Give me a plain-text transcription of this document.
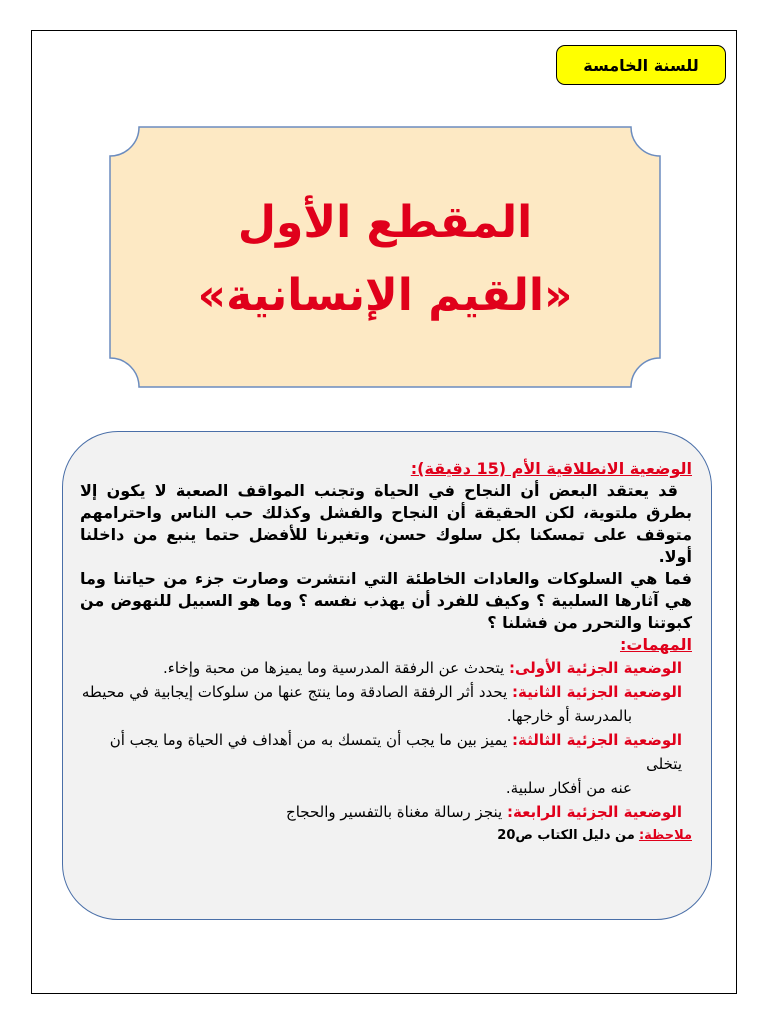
للسنة الخامسة
المقطع الأول
«القيم الإنسانية»
الوضعية الانطلاقية الأم (15 دقيقة):
قد يعتقد البعض أن النجاح في الحياة وتجنب المواقف الصعبة لا يكون إلا بطرق ملتوية، لكن الحقيقة أن النجاح والفشل وكذلك حب الناس واحترامهم متوقف على تمسكنا بكل سلوك حسن، وتغيرنا للأفضل حتما ينبع من داخلنا أولا.
فما هي السلوكات والعادات الخاطئة التي انتشرت وصارت جزء من حياتنا وما هي آثارها السلبية ؟ وكيف للفرد أن يهذب نفسه ؟ وما هو السبيل للنهوض من كبوتنا والتحرر من فشلنا ؟
المهمات:
الوضعية الجزئية الأولى: يتحدث عن الرفقة المدرسية وما يميزها من محبة وإخاء.
الوضعية الجزئية الثانية: يحدد أثر الرفقة الصادقة وما ينتج عنها من سلوكات إيجابية في محيطه
بالمدرسة أو خارجها.
الوضعية الجزئية الثالثة: يميز بين ما يجب أن يتمسك به من أهداف في الحياة وما يجب أن يتخلى
عنه من أفكار سلبية.
الوضعية الجزئية الرابعة: ينجز رسالة مغناة بالتفسير والحجاج
ملاحظة: من دليل الكتاب ص20
